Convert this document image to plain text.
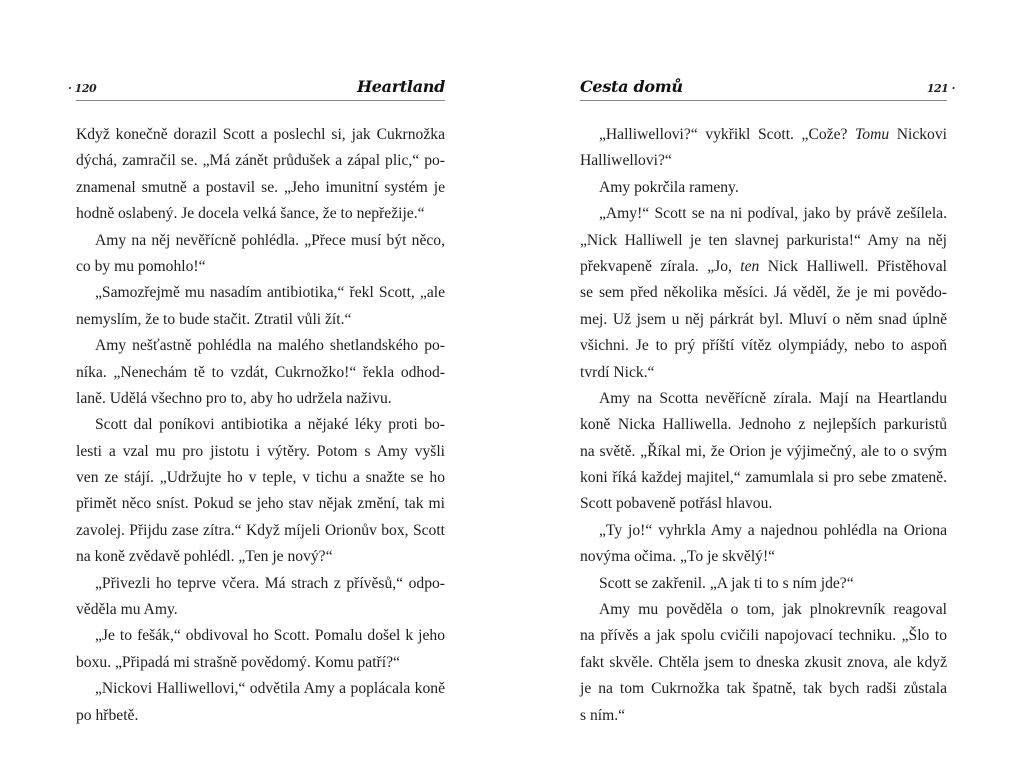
· 120	Heartland
Když konečně dorazil Scott a poslechl si, jak Cukrnožka
dýchá, zamračil se. „Má zánět průdušek a zápal plic,“ po-
znamenal smutně a postavil se. „Jeho imunitní systém je
hodně oslabený. Je docela velká šance, že to nepřežije.“
Amy na něj nevěřícně pohlédla. „Přece musí být něco,
co by mu pomohlo!“
„Samozřejmě mu nasadím antibiotika,“ řekl Scott, „ale
nemyslím, že to bude stačit. Ztratil vůli žít.“
Amy nešťastně pohlédla na malého shetlandského po-
níka. „Nenechám tě to vzdát, Cukrnožko!“ řekla odhod-
laně. Udělá všechno pro to, aby ho udržela naživu.
Scott dal poníkovi antibiotika a nějaké léky proti bo-
lesti a vzal mu pro jistotu i výtěry. Potom s Amy vyšli
ven ze stájí. „Udržujte ho v teple, v tichu a snažte se ho
přimět něco sníst. Pokud se jeho stav nějak změní, tak mi
zavolej. Přijdu zase zítra.“ Když míjeli Orionův box, Scott
na koně zvědavě pohlédl. „Ten je nový?“
„Přivezli ho teprve včera. Má strach z přívěsů,“ odpo-
věděla mu Amy.
„Je to fešák,“ obdivoval ho Scott. Pomalu došel k jeho
boxu. „Připadá mi strašně povědomý. Komu patří?“
„Nickovi Halliwellovi,“ odvětila Amy a poplácala koně
po hřbetě.
Cesta domů	121 ·
„Halliwellovi?“ vykřikl Scott. „Cože? Tomu Nickovi
Halliwellovi?“
Amy pokrčila rameny.
„Amy!“ Scott se na ni podíval, jako by právě zešílela.
„Nick Halliwell je ten slavnej parkurista!“ Amy na něj
překvapeně zírala. „Jo, ten Nick Halliwell. Přistěhoval
se sem před několika měsíci. Já věděl, že je mi povědo-
mej. Už jsem u něj párkrát byl. Mluví o něm snad úplně
všichni. Je to prý příští vítěz olympiády, nebo to aspoň
tvrdí Nick.“
Amy na Scotta nevěřícně zírala. Mají na Heartlandu
koně Nicka Halliwella. Jednoho z nejlepších parkuristů
na světě. „Říkal mi, že Orion je výjimečný, ale to o svým
koni říká každej majitel,“ zamumlala si pro sebe zmateně.
Scott pobaveně potřásl hlavou.
„Ty jo!“ vyhrkla Amy a najednou pohlédla na Oriona
novýma očima. „To je skvělý!“
Scott se zakřenil. „A jak ti to s ním jde?“
Amy mu pověděla o tom, jak plnokrevník reagoval
na přívěs a jak spolu cvičili napojovací techniku. „Šlo to
fakt skvěle. Chtěla jsem to dneska zkusit znova, ale když
je na tom Cukrnožka tak špatně, tak bych radši zůstala
s ním.“
